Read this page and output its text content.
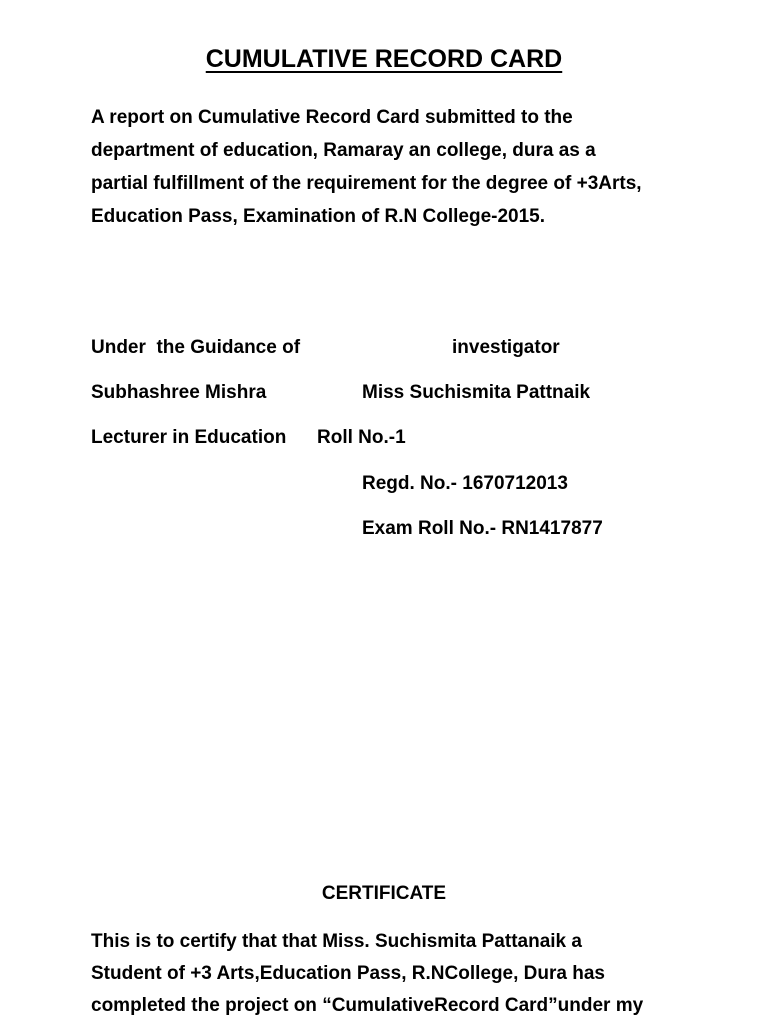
CUMULATIVE RECORD CARD
A report on Cumulative Record Card submitted to the
department of education, Ramaray an college, dura as a
partial fulfillment of the requirement for the degree of +3Arts,
Education Pass, Examination of R.N College-2015.
Under  the Guidance of	investigator
Subhashree Mishra	Miss Suchismita Pattnaik
Lecturer in Education Roll No.-1
Regd. No.- 1670712013
Exam Roll No.- RN1417877
CERTIFICATE
This is to certify that that Miss. Suchismita Pattanaik a
Student of +3 Arts,Education Pass, R.NCollege, Dura has
completed the project on “CumulativeRecord Card”under my
